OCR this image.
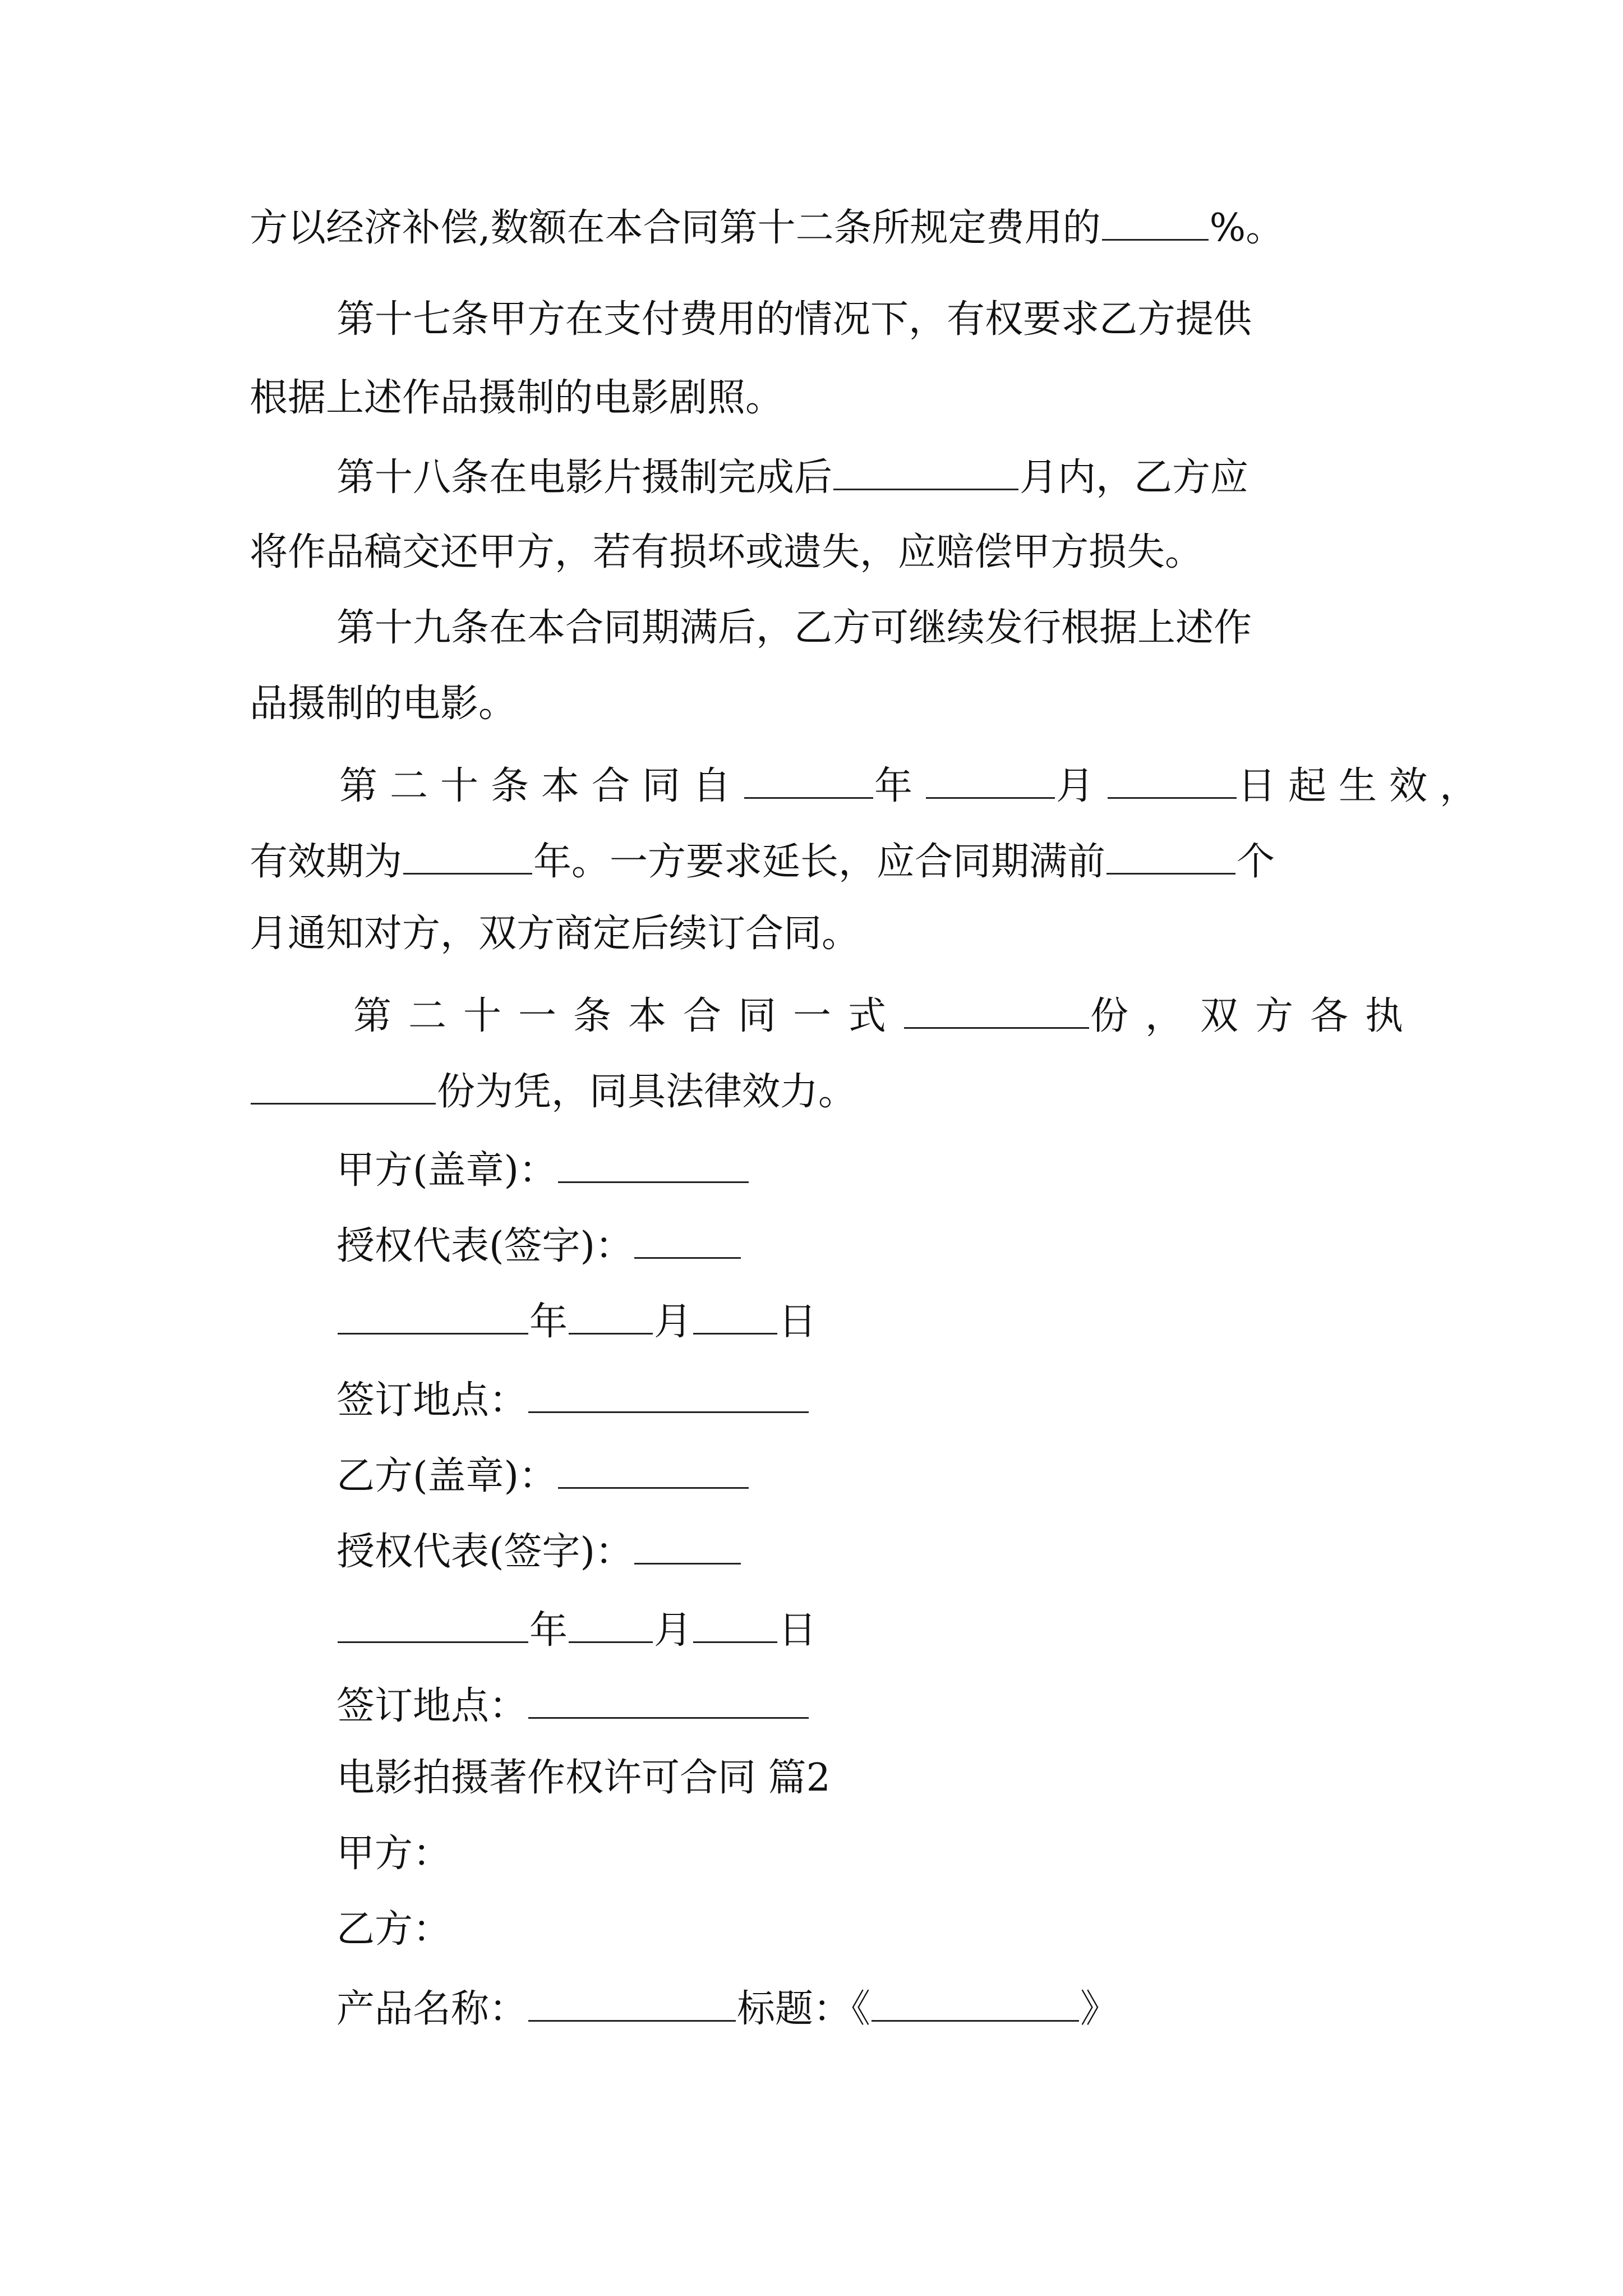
方以经济补偿,数额在本合同第十二条所规定费用的	%。
第十七条甲方在支付费用的情况下，有权要求乙方提供
根据上述作品摄制的电影剧照。
第十八条在电影片摄制完成后	月内，乙方应
将作品稿交还甲方，若有损坏或遗失，应赔偿甲方损失。
第十九条在本合同期满后，乙方可继续发行根据上述作
品摄制的电影。
第二十条本合同自	年	月	日起生效，
有效期为	年。一方要求延长，应合同期满前	个
月通知对方，双方商定后续订合同。
第二十一条本合同一式	份，双方各执
份为凭，同具法律效力。
甲方(盖章)：
授权代表(签字)：
年 月 日
签订地点：
乙方(盖章)：
授权代表(签字)：
年 月 日
签订地点：
电影拍摄著作权许可合同 篇2
甲方：
乙方：
产品名称：	标题：《	》
